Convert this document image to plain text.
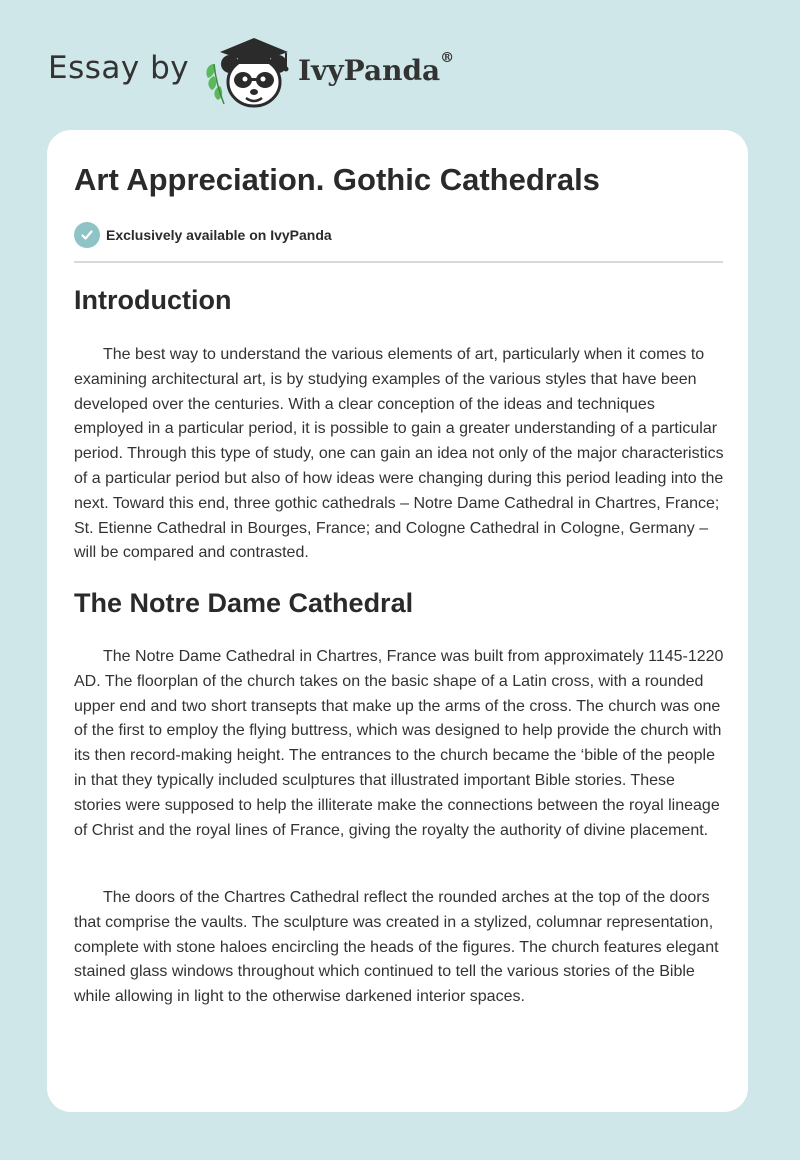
Essay by	IvyPanda®
Art Appreciation. Gothic Cathedrals
Exclusively available on IvyPanda
Introduction

The best way to understand the various elements of art, particularly when it comes to examining architectural art, is by studying examples of the various styles that have been developed over the centuries. With a clear conception of the ideas and techniques employed in a particular period, it is possible to gain a greater understanding of a particular period. Through this type of study, one can gain an idea not only of the major characteristics of a particular period but also of how ideas were changing during this period leading into the next. Toward this end, three gothic cathedrals – Notre Dame Cathedral in Chartres, France; St. Etienne Cathedral in Bourges, France; and Cologne Cathedral in Cologne, Germany – will be compared and contrasted.

The Notre Dame Cathedral

The Notre Dame Cathedral in Chartres, France was built from approximately 1145-1220 AD. The floorplan of the church takes on the basic shape of a Latin cross, with a rounded upper end and two short transepts that make up the arms of the cross. The church was one of the first to employ the flying buttress, which was designed to help provide the church with its then record-making height. The entrances to the church became the ‘bible of the people in that they typically included sculptures that illustrated important Bible stories. These stories were supposed to help the illiterate make the connections between the royal lineage of Christ and the royal lines of France, giving the royalty the authority of divine placement.

The doors of the Chartres Cathedral reflect the rounded arches at the top of the doors that comprise the vaults. The sculpture was created in a stylized, columnar representation, complete with stone haloes encircling the heads of the figures. The church features elegant stained glass windows throughout which continued to tell the various stories of the Bible while allowing in light to the otherwise darkened interior spaces.
